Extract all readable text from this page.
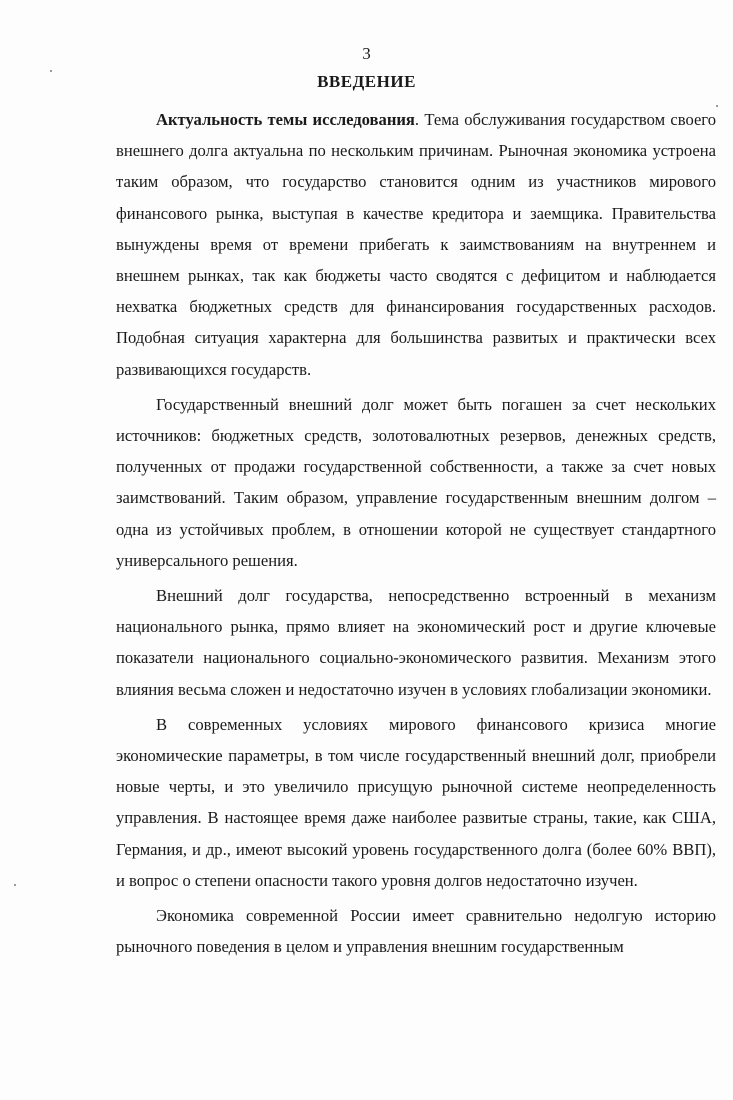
3
ВВЕДЕНИЕ

Актуальность темы исследования. Тема обслуживания государством своего внешнего долга актуальна по нескольким причинам. Рыночная экономика устроена таким образом, что государство становится одним из участников мирового финансового рынка, выступая в качестве кредитора и заемщика. Правительства вынуждены время от времени прибегать к заимствованиям на внутреннем и внешнем рынках, так как бюджеты часто сводятся с дефицитом и наблюдается нехватка бюджетных средств для финансирования государственных расходов. Подобная ситуация характерна для большинства развитых и практически всех развивающихся государств.

Государственный внешний долг может быть погашен за счет нескольких источников: бюджетных средств, золотовалютных резервов, денежных средств, полученных от продажи государственной собственности, а также за счет новых заимствований. Таким образом, управление государственным внешним долгом – одна из устойчивых проблем, в отношении которой не существует стандартного универсального решения.

Внешний долг государства, непосредственно встроенный в механизм национального рынка, прямо влияет на экономический рост и другие ключевые показатели национального социально-экономического развития. Механизм этого влияния весьма сложен и недостаточно изучен в условиях глобализации экономики.

В современных условиях мирового финансового кризиса многие экономические параметры, в том числе государственный внешний долг, приобрели новые черты, и это увеличило присущую рыночной системе неопределенность управления. В настоящее время даже наиболее развитые страны, такие, как США, Германия, и др., имеют высокий уровень государственного долга (более 60% ВВП), и вопрос о степени опасности такого уровня долгов недостаточно изучен.

Экономика современной России имеет сравнительно недолгую историю рыночного поведения в целом и управления внешним государственным
